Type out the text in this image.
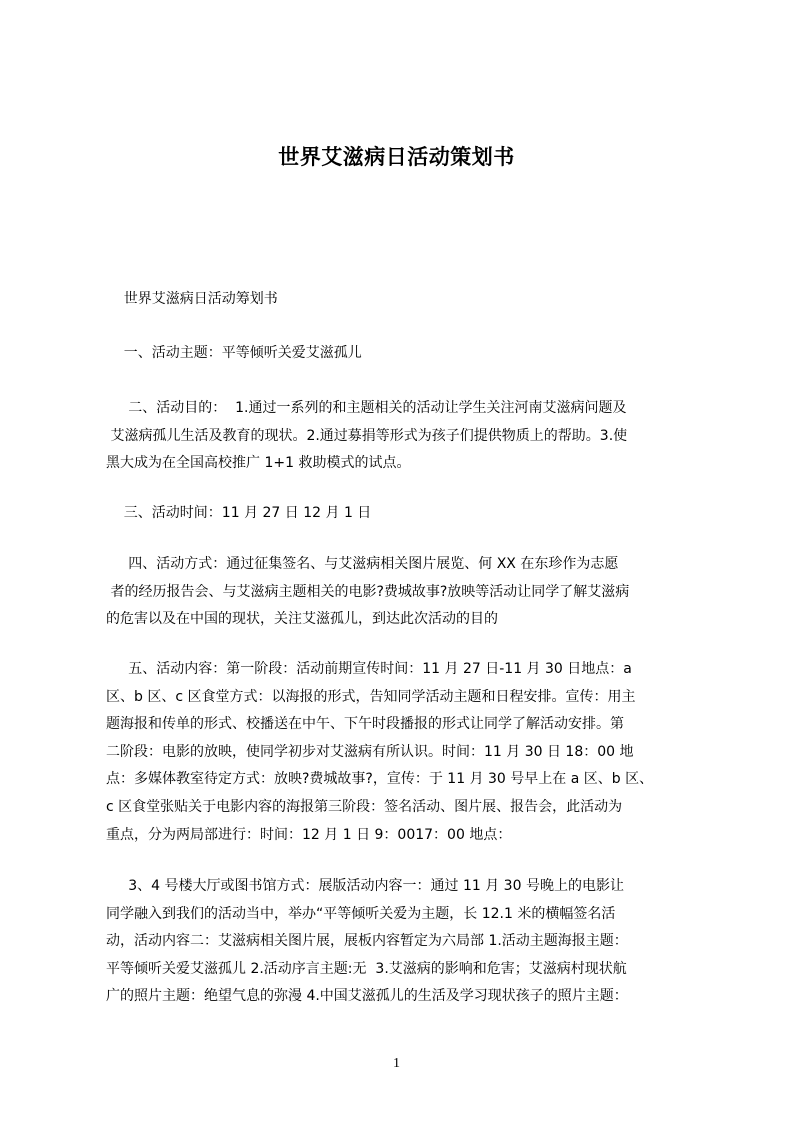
世界艾滋病日活动策划书
世界艾滋病日活动筹划书
一、活动主题：平等倾听关爱艾滋孤儿
二、活动目的：  1.通过一系列的和主题相关的活动让学生关注河南艾滋病问题及
艾滋病孤儿生活及教育的现状。2.通过募捐等形式为孩子们提供物质上的帮助。3.使
黑大成为在全国高校推广 1+1 救助模式的试点。
三、活动时间：11 月 27 日 12 月 1 日
四、活动方式：通过征集签名、与艾滋病相关图片展览、何 XX 在东珍作为志愿
者的经历报告会、与艾滋病主题相关的电影?费城故事?放映等活动让同学了解艾滋病
的危害以及在中国的现状，关注艾滋孤儿，到达此次活动的目的
五、活动内容：第一阶段：活动前期宣传时间：11 月 27 日-11 月 30 日地点：a
区、b 区、c 区食堂方式：以海报的形式，告知同学活动主题和日程安排。宣传：用主
题海报和传单的形式、校播送在中午、下午时段播报的形式让同学了解活动安排。第
二阶段：电影的放映，使同学初步对艾滋病有所认识。时间：11 月 30 日 18：00 地
点：多媒体教室待定方式：放映?费城故事?，宣传：于 11 月 30 号早上在 a 区、b 区、
c 区食堂张贴关于电影内容的海报第三阶段：签名活动、图片展、报告会，此活动为
重点，分为两局部进行：时间：12 月 1 日 9：0017：00 地点：
3、4 号楼大厅或图书馆方式：展版活动内容一：通过 11 月 30 号晚上的电影让
同学融入到我们的活动当中，举办“平等倾听关爱为主题，长 12.1 米的横幅签名活
动，活动内容二：艾滋病相关图片展，展板内容暂定为六局部 1.活动主题海报主题：
平等倾听关爱艾滋孤儿 2.活动序言主题:无  3.艾滋病的影响和危害；艾滋病村现状航
广的照片主题：绝望气息的弥漫 4.中国艾滋孤儿的生活及学习现状孩子的照片主题：
1
